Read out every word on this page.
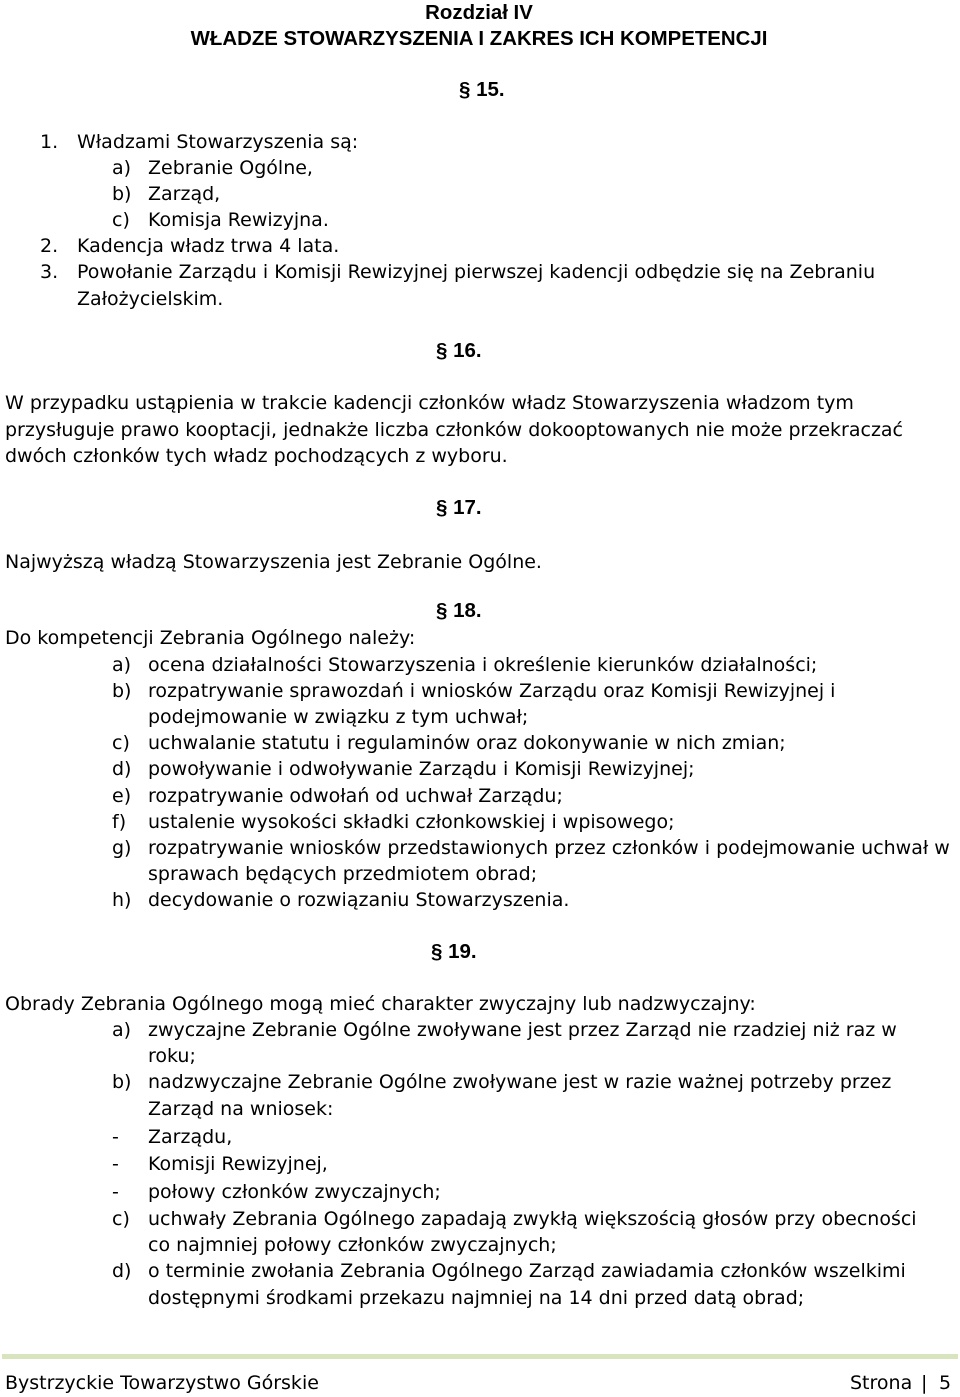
Rozdział IV
WŁADZE STOWARZYSZENIA I ZAKRES ICH KOMPETENCJI
§ 15.
1. Władzami Stowarzyszenia są:
a) Zebranie Ogólne,
b) Zarząd,
c) Komisja Rewizyjna.
2. Kadencja władz trwa 4 lata.
3. Powołanie Zarządu i Komisji Rewizyjnej pierwszej kadencji odbędzie się na Zebraniu
Założycielskim.
§ 16.
W przypadku ustąpienia w trakcie kadencji członków władz Stowarzyszenia władzom tym
przysługuje prawo kooptacji, jednakże liczba członków dokooptowanych nie może przekraczać
dwóch członków tych władz pochodzących z wyboru.
§ 17.
Najwyższą władzą Stowarzyszenia jest Zebranie Ogólne.
§ 18.
Do kompetencji Zebrania Ogólnego należy:
a) ocena działalności Stowarzyszenia i określenie kierunków działalności;
b) rozpatrywanie sprawozdań i wniosków Zarządu oraz Komisji Rewizyjnej i
podejmowanie w związku z tym uchwał;
c) uchwalanie statutu i regulaminów oraz dokonywanie w nich zmian;
d) powoływanie i odwoływanie Zarządu i Komisji Rewizyjnej;
e) rozpatrywanie odwołań od uchwał Zarządu;
f) ustalenie wysokości składki członkowskiej i wpisowego;
g) rozpatrywanie wniosków przedstawionych przez członków i podejmowanie uchwał w
sprawach będących przedmiotem obrad;
h) decydowanie o rozwiązaniu Stowarzyszenia.
§ 19.
Obrady Zebrania Ogólnego mogą mieć charakter zwyczajny lub nadzwyczajny:
a) zwyczajne Zebranie Ogólne zwoływane jest przez Zarząd nie rzadziej niż raz w
roku;
b) nadzwyczajne Zebranie Ogólne zwoływane jest w razie ważnej potrzeby przez
Zarząd na wniosek:
- Zarządu,
- Komisji Rewizyjnej,
- połowy członków zwyczajnych;
c) uchwały Zebrania Ogólnego zapadają zwykłą większością głosów przy obecności
co najmniej połowy członków zwyczajnych;
d) o terminie zwołania Zebrania Ogólnego Zarząd zawiadamia członków wszelkimi
dostępnymi środkami przekazu najmniej na 14 dni przed datą obrad;
Bystrzyckie Towarzystwo Górskie	Strona | 5
